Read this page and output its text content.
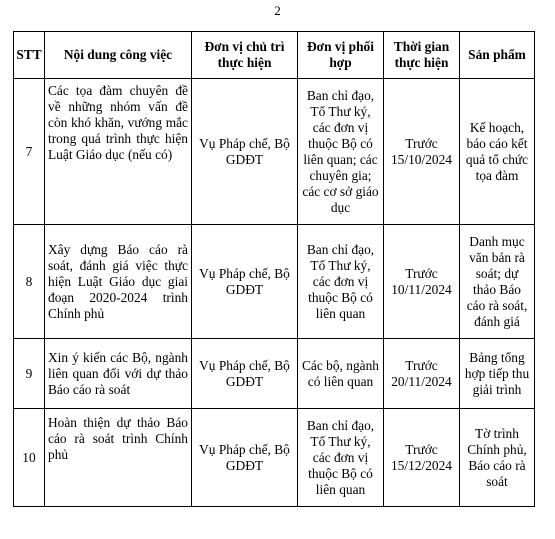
2
STT	Nội dung công việc	Đơn vị chủ trì thực hiện	Đơn vị phối hợp	Thời gian thực hiện	Sản phẩm
7	Các tọa đàm chuyên đề về những nhóm vấn đề còn khó khăn, vướng mắc trong quá trình thực hiện Luật Giáo dục (nếu có)	Vụ Pháp chế, Bộ GDĐT	Ban chỉ đạo, Tổ Thư ký, các đơn vị thuộc Bộ có liên quan; các chuyên gia; các cơ sở giáo dục	Trước 15/10/2024	Kế hoạch, báo cáo kết quả tổ chức tọa đàm
8	Xây dựng Báo cáo rà soát, đánh giá việc thực hiện Luật Giáo dục giai đoạn 2020-2024 trình Chính phủ	Vụ Pháp chế, Bộ GDĐT	Ban chỉ đạo, Tổ Thư ký, các đơn vị thuộc Bộ có liên quan	Trước 10/11/2024	Danh mục văn bản rà soát; dự thảo Báo cáo rà soát, đánh giá
9	Xin ý kiến các Bộ, ngành liên quan đối với dự thảo Báo cáo rà soát	Vụ Pháp chế, Bộ GDĐT	Các bộ, ngành có liên quan	Trước 20/11/2024	Bảng tổng hợp tiếp thu giải trình
10	Hoàn thiện dự thảo Báo cáo rà soát trình Chính phủ	Vụ Pháp chế, Bộ GDĐT	Ban chỉ đạo, Tổ Thư ký, các đơn vị thuộc Bộ có liên quan	Trước 15/12/2024	Tờ trình Chính phủ, Báo cáo rà soát
